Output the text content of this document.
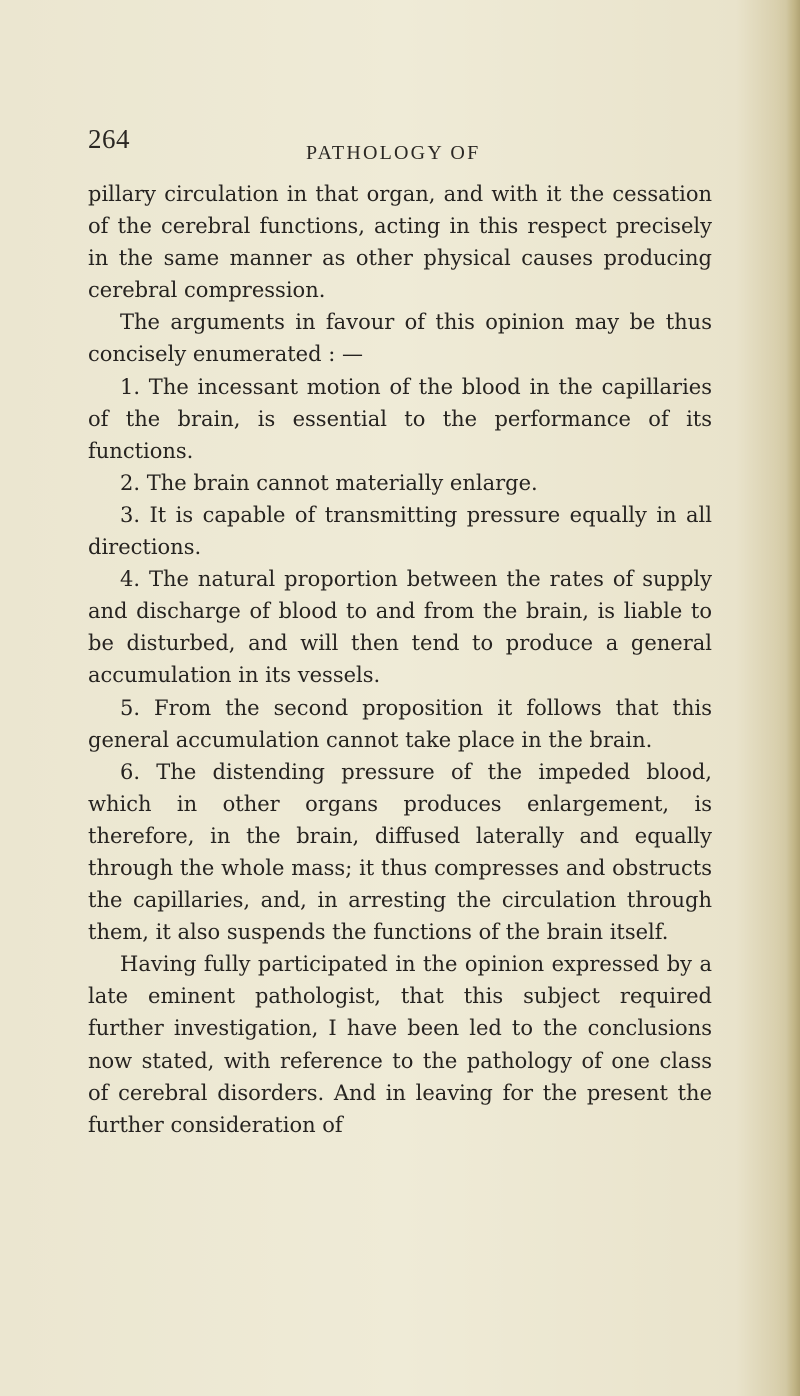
264	PATHOLOGY OF

pillary circulation in that organ, and with it the cessation of the cerebral functions, acting in this respect precisely in the same manner as other physical causes producing cerebral compression.

The arguments in favour of this opinion may be thus concisely enumerated : —

1. The incessant motion of the blood in the capillaries of the brain, is essential to the performance of its functions.

2. The brain cannot materially enlarge.

3. It is capable of transmitting pressure equally in all directions.

4. The natural proportion between the rates of supply and discharge of blood to and from the brain, is liable to be disturbed, and will then tend to produce a general accumulation in its vessels.

5. From the second proposition it follows that this general accumulation cannot take place in the brain.

6. The distending pressure of the impeded blood, which in other organs produces enlargement, is therefore, in the brain, diffused laterally and equally through the whole mass; it thus compresses and obstructs the capillaries, and, in arresting the circulation through them, it also suspends the functions of the brain itself.

Having fully participated in the opinion expressed by a late eminent pathologist, that this subject required further investigation, I have been led to the conclusions now stated, with reference to the pathology of one class of cerebral disorders. And in leaving for the present the further consideration of
